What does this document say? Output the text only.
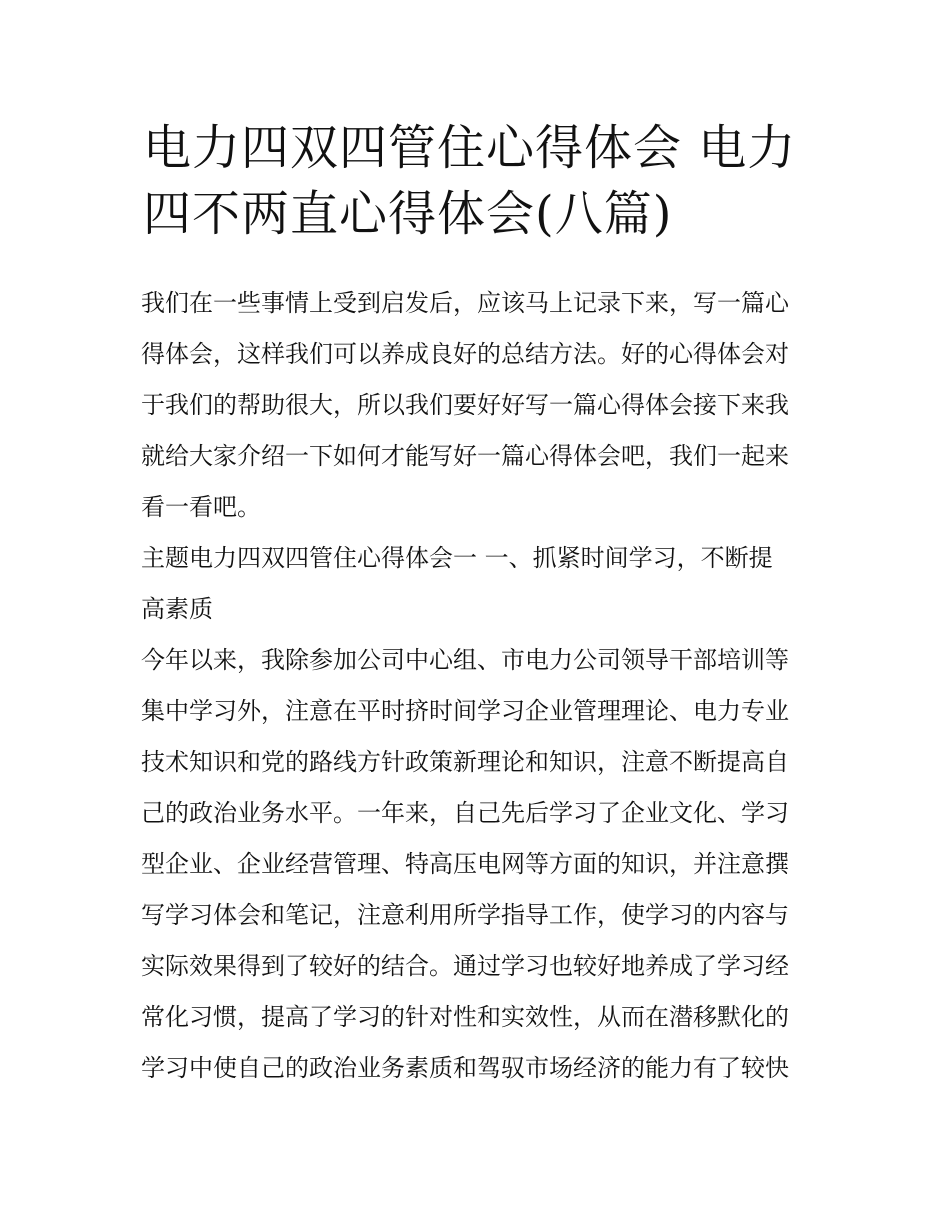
电力四双四管住心得体会 电力
四不两直心得体会(八篇)
我们在一些事情上受到启发后，应该马上记录下来，写一篇心
得体会，这样我们可以养成良好的总结方法。好的心得体会对
于我们的帮助很大，所以我们要好好写一篇心得体会接下来我
就给大家介绍一下如何才能写好一篇心得体会吧，我们一起来
看一看吧。
主题电力四双四管住心得体会一 一、抓紧时间学习，不断提
高素质
今年以来，我除参加公司中心组、市电力公司领导干部培训等
集中学习外，注意在平时挤时间学习企业管理理论、电力专业
技术知识和党的路线方针政策新理论和知识，注意不断提高自
己的政治业务水平。一年来，自己先后学习了企业文化、学习
型企业、企业经营管理、特高压电网等方面的知识，并注意撰
写学习体会和笔记，注意利用所学指导工作，使学习的内容与
实际效果得到了较好的结合。通过学习也较好地养成了学习经
常化习惯，提高了学习的针对性和实效性，从而在潜移默化的
学习中使自己的政治业务素质和驾驭市场经济的能力有了较快
